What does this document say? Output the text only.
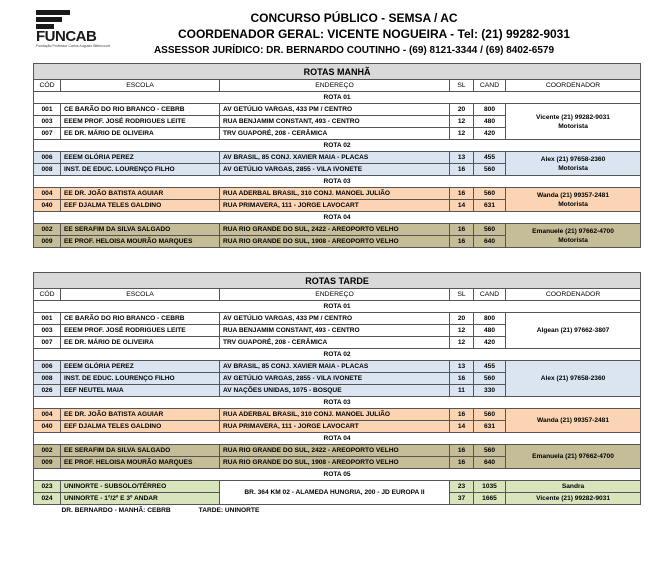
FUNCAB
Fundação Professor Carlos Augusto Bittencourt
CONCURSO PÚBLICO - SEMSA / AC
COORDENADOR GERAL: VICENTE NOGUEIRA - Tel: (21) 99282-9031
ASSESSOR JURÍDICO: DR. BERNARDO COUTINHO - (69) 8121-3344 / (69) 8402-6579
ROTAS MANHÃ					
CÓD	ESCOLA	ENDEREÇO	SL	CAND	COORDENADOR
ROTA 01					
001	CE BARÃO DO RIO BRANCO - CEBRB	AV GETÚLIO VARGAS, 433 PM / CENTRO	20	800	Vicente (21) 99282-9031
Motorista

003	EEEM PROF. JOSÉ RODRIGUES LEITE	RUA BENJAMIM CONSTANT, 493 - CENTRO	12	480	
007	EE DR. MÁRIO DE OLIVEIRA	TRV GUAPORÉ, 208 - CERÂMICA	12	420	
ROTA 02					
006	EEEM GLÓRIA PEREZ	AV BRASIL, 85 CONJ. XAVIER MAIA - PLACAS	13	455	Alex (21) 97658-2360
Motorista

008	INST. DE EDUC. LOURENÇO FILHO	AV GETÚLIO VARGAS, 2855 - VILA IVONETE	16	560	
ROTA 03					
004	EE DR. JOÃO BATISTA AGUIAR	RUA ADERBAL BRASIL, 310 CONJ. MANOEL JULIÃO	16	560	Wanda (21) 99357-2481
Motorista

040	EEF DJALMA TELES GALDINO	RUA PRIMAVERA, 111 - JORGE LAVOCART	14	631	
ROTA 04					
002	EE SERAFIM DA SILVA SALGADO	RUA RIO GRANDE DO SUL, 2422 - AREOPORTO VELHO	16	560	Emanuele (21) 97662-4700
Motorista

009	EE PROF. HELOISA MOURÃO MARQUES	RUA RIO GRANDE DO SUL, 1908 - AREOPORTO VELHO	16	640	
ROTAS TARDE					
CÓD	ESCOLA	ENDEREÇO	SL	CAND	COORDENADOR
ROTA 01					
001	CE BARÃO DO RIO BRANCO - CEBRB	AV GETÚLIO VARGAS, 433 PM / CENTRO	20	800	Algean (21) 97662-3807

003	EEEM PROF. JOSÉ RODRIGUES LEITE	RUA BENJAMIM CONSTANT, 493 - CENTRO	12	480	
007	EE DR. MÁRIO DE OLIVEIRA	TRV GUAPORÉ, 208 - CERÂMICA	12	420	
ROTA 02					
006	EEEM GLÓRIA PEREZ	AV BRASIL, 85 CONJ. XAVIER MAIA - PLACAS	13	455	Alex (21) 97658-2360

008	INST. DE EDUC. LOURENÇO FILHO	AV GETÚLIO VARGAS, 2855 - VILA IVONETE	16	560	
026	EEF NEUTEL MAIA	AV NAÇÕES UNIDAS, 1075 - BOSQUE	11	330	
ROTA 03					
004	EE DR. JOÃO BATISTA AGUIAR	RUA ADERBAL BRASIL, 310 CONJ. MANOEL JULIÃO	16	560	Wanda (21) 99357-2481

040	EEF DJALMA TELES GALDINO	RUA PRIMAVERA, 111 - JORGE LAVOCART	14	631	
ROTA 04					
002	EE SERAFIM DA SILVA SALGADO	RUA RIO GRANDE DO SUL, 2422 - AREOPORTO VELHO	16	560	Emanuela (21) 97662-4700

009	EE PROF. HELOISA MOURÃO MARQUES	RUA RIO GRANDE DO SUL, 1908 - AREOPORTO VELHO	16	640	
ROTA 05					
023	UNINORTE - SUBSOLO/TÉRREO	BR. 364 KM 02 - ALAMEDA HUNGRIA, 200 - JD EUROPA II	23	1035	Sandra
024	UNINORTE - 1º/2º E 3º ANDAR		37	1665	Vicente (21) 99282-9031
DR. BERNARDO - MANHÃ: CEBRB TARDE: UNINORTE					
